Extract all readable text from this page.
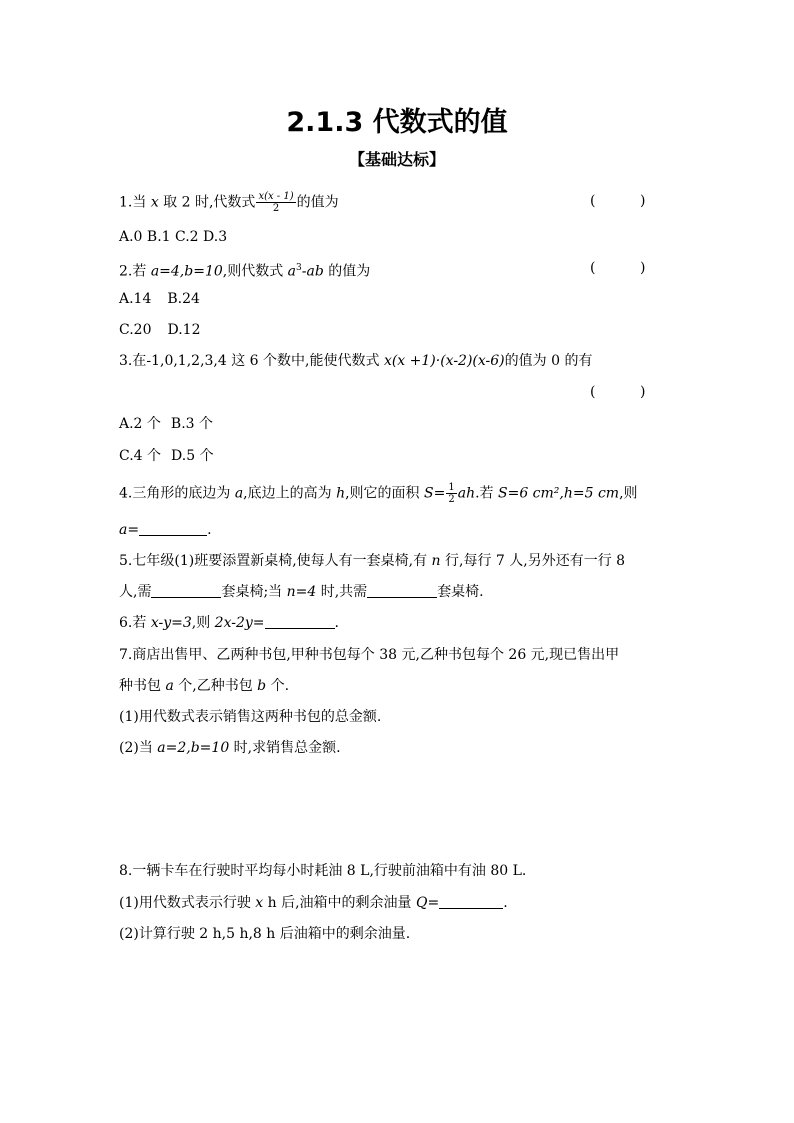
2.1.3 代数式的值
【基础达标】
1.当 x 取 2 时,代数式 $\frac{x(x - 1)}{2}$ 的值为	(          )
A.0 B.1 C.2 D.3
2.若 a=4,b=10,则代数式 $a^3-ab$ 的值为	(          )
A.14 B.24
C.20 D.12
3.在-1,0,1,2,3,4 这 6 个数中,能使代数式 x(x +1)·(x-2)(x-6)的值为 0 的有
(          )
A.2 个 B.3 个
C.4 个 D.5 个
4.三角形的底边为 a,底边上的高为 h,则它的面积 $S= \frac{1}{2}$ ah.若 S=6 cm²,h=5 cm,则
a=	.
5.七年级(1)班要添置新桌椅,使每人有一套桌椅,有 n 行,每行 7 人,另外还有一行 8
人,需	套桌椅;当 n=4 时,共需	套桌椅.
6.若 x-y=3,则 2x-2y=	.
7.商店出售甲、乙两种书包,甲种书包每个 38 元,乙种书包每个 26 元,现已售出甲
种书包 a 个,乙种书包 b 个.
(1)用代数式表示销售这两种书包的总金额.
(2)当 a=2,b=10 时,求销售总金额.
8.一辆卡车在行驶时平均每小时耗油 8 L,行驶前油箱中有油 80 L.
(1)用代数式表示行驶 x h 后,油箱中的剩余油量 Q=	.
(2)计算行驶 2 h,5 h,8 h 后油箱中的剩余油量.
